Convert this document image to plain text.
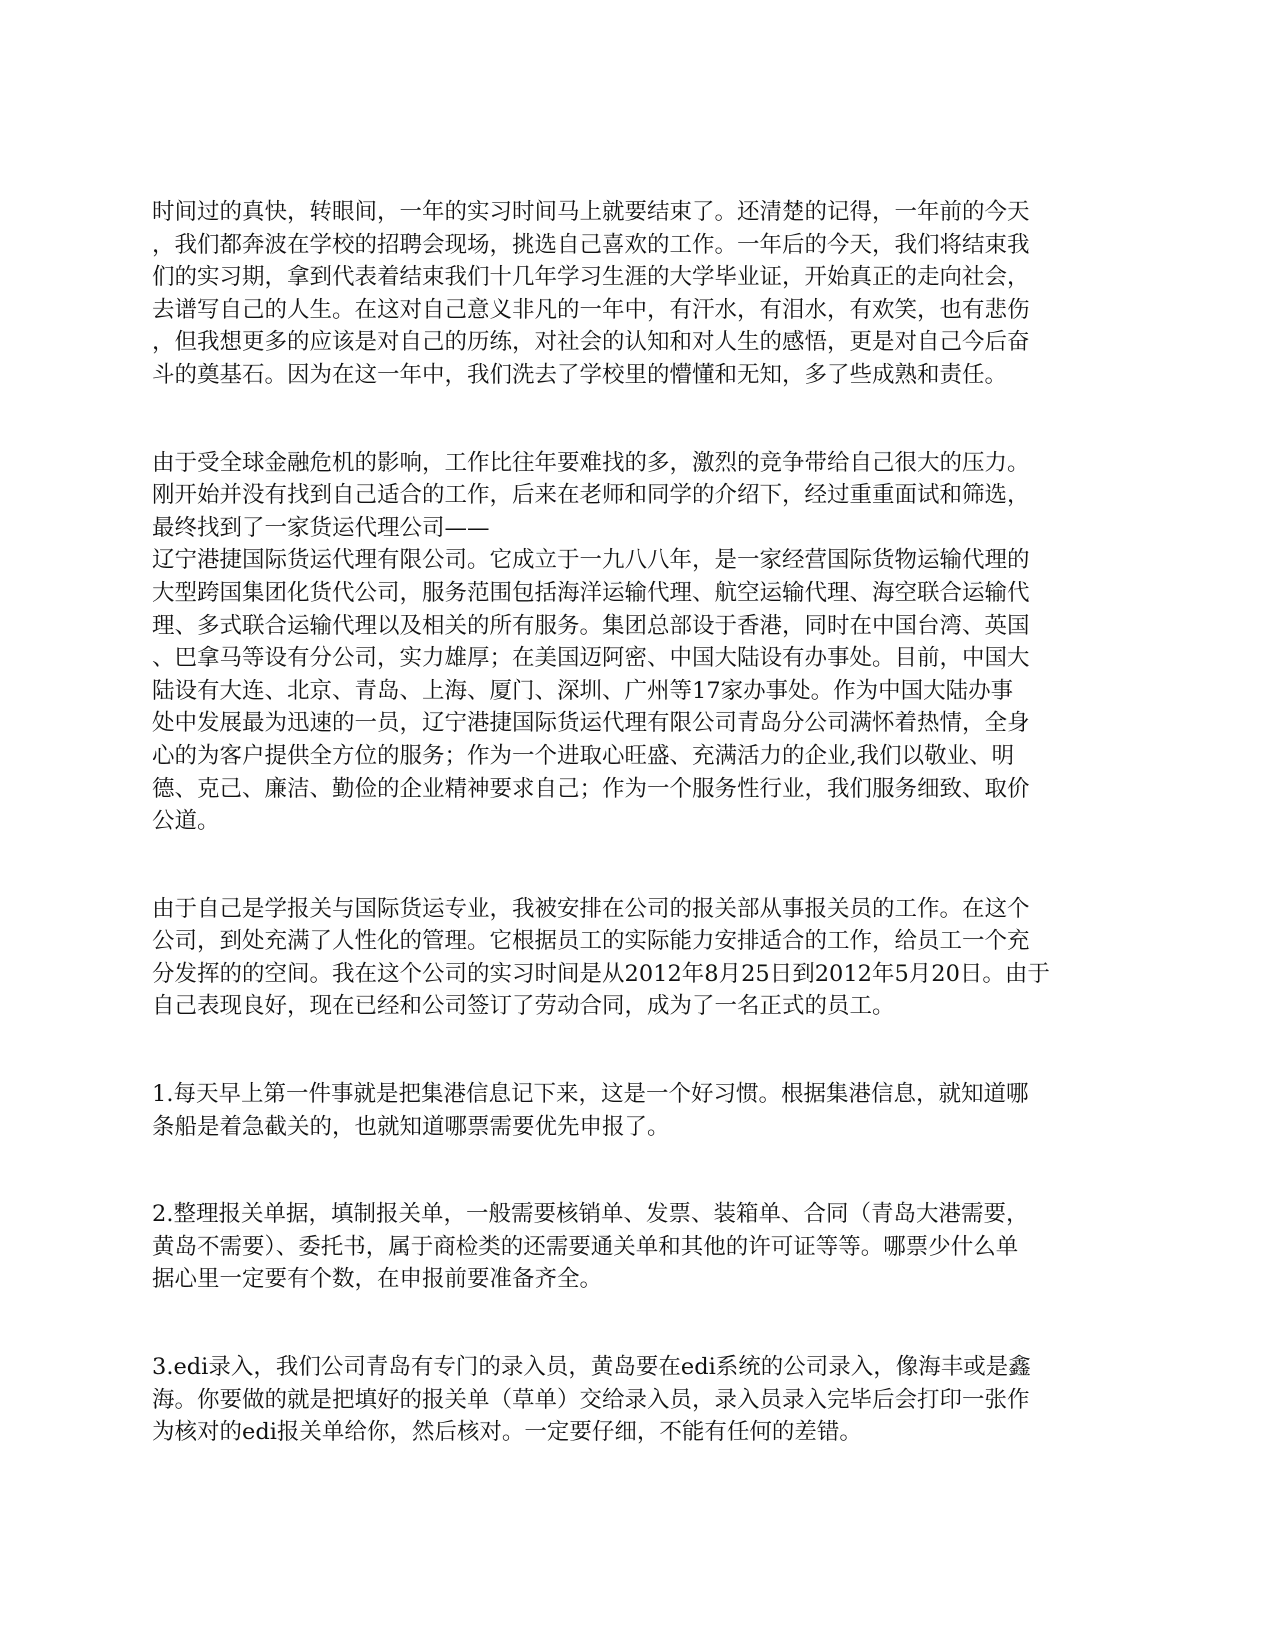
时间过的真快，转眼间，一年的实习时间马上就要结束了。还清楚的记得，一年前的今天
，我们都奔波在学校的招聘会现场，挑选自己喜欢的工作。一年后的今天，我们将结束我
们的实习期，拿到代表着结束我们十几年学习生涯的大学毕业证，开始真正的走向社会，
去谱写自己的人生。在这对自己意义非凡的一年中，有汗水，有泪水，有欢笑，也有悲伤
，但我想更多的应该是对自己的历练，对社会的认知和对人生的感悟，更是对自己今后奋
斗的奠基石。因为在这一年中，我们洗去了学校里的懵懂和无知，多了些成熟和责任。

由于受全球金融危机的影响，工作比往年要难找的多，激烈的竞争带给自己很大的压力。
刚开始并没有找到自己适合的工作，后来在老师和同学的介绍下，经过重重面试和筛选，
最终找到了一家货运代理公司——
辽宁港捷国际货运代理有限公司。它成立于一九八八年，是一家经营国际货物运输代理的
大型跨国集团化货代公司，服务范围包括海洋运输代理、航空运输代理、海空联合运输代
理、多式联合运输代理以及相关的所有服务。集团总部设于香港，同时在中国台湾、英国
、巴拿马等设有分公司，实力雄厚；在美国迈阿密、中国大陆设有办事处。目前，中国大
陆设有大连、北京、青岛、上海、厦门、深圳、广州等17家办事处。作为中国大陆办事
处中发展最为迅速的一员，辽宁港捷国际货运代理有限公司青岛分公司满怀着热情，全身
心的为客户提供全方位的服务；作为一个进取心旺盛、充满活力的企业,我们以敬业、明
德、克己、廉洁、勤俭的企业精神要求自己；作为一个服务性行业，我们服务细致、取价
公道。

由于自己是学报关与国际货运专业，我被安排在公司的报关部从事报关员的工作。在这个
公司，到处充满了人性化的管理。它根据员工的实际能力安排适合的工作，给员工一个充
分发挥的的空间。我在这个公司的实习时间是从2012年8月25日到2012年5月20日。由于
自己表现良好，现在已经和公司签订了劳动合同，成为了一名正式的员工。

1.每天早上第一件事就是把集港信息记下来，这是一个好习惯。根据集港信息，就知道哪
条船是着急截关的，也就知道哪票需要优先申报了。

2.整理报关单据，填制报关单，一般需要核销单、发票、装箱单、合同（青岛大港需要，
黄岛不需要）、委托书，属于商检类的还需要通关单和其他的许可证等等。哪票少什么单
据心里一定要有个数，在申报前要准备齐全。

3.edi录入，我们公司青岛有专门的录入员，黄岛要在edi系统的公司录入，像海丰或是鑫
海。你要做的就是把填好的报关单（草单）交给录入员，录入员录入完毕后会打印一张作
为核对的edi报关单给你，然后核对。一定要仔细，不能有任何的差错。
